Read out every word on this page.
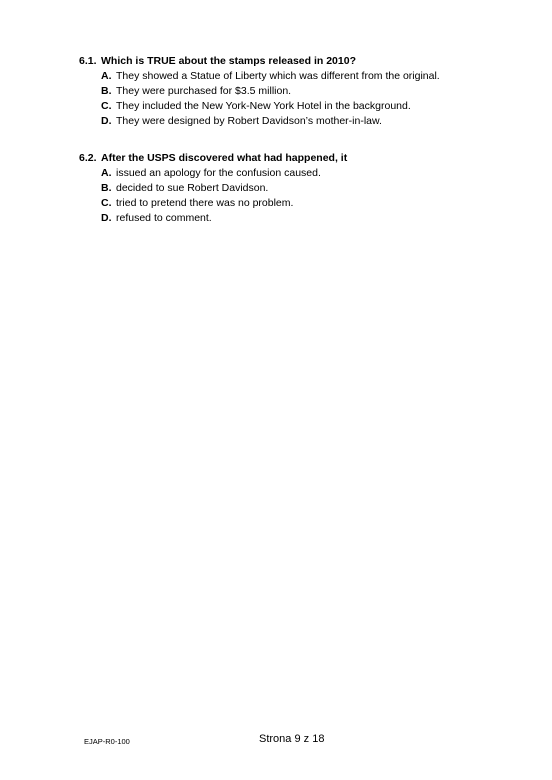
6.1. Which is TRUE about the stamps released in 2010?
A. They showed a Statue of Liberty which was different from the original.
B. They were purchased for $3.5 million.
C. They included the New York-New York Hotel in the background.
D. They were designed by Robert Davidson’s mother-in-law.
6.2. After the USPS discovered what had happened, it
A. issued an apology for the confusion caused.
B. decided to sue Robert Davidson.
C. tried to pretend there was no problem.
D. refused to comment.
EJAP-R0-100	Strona 9 z 18
